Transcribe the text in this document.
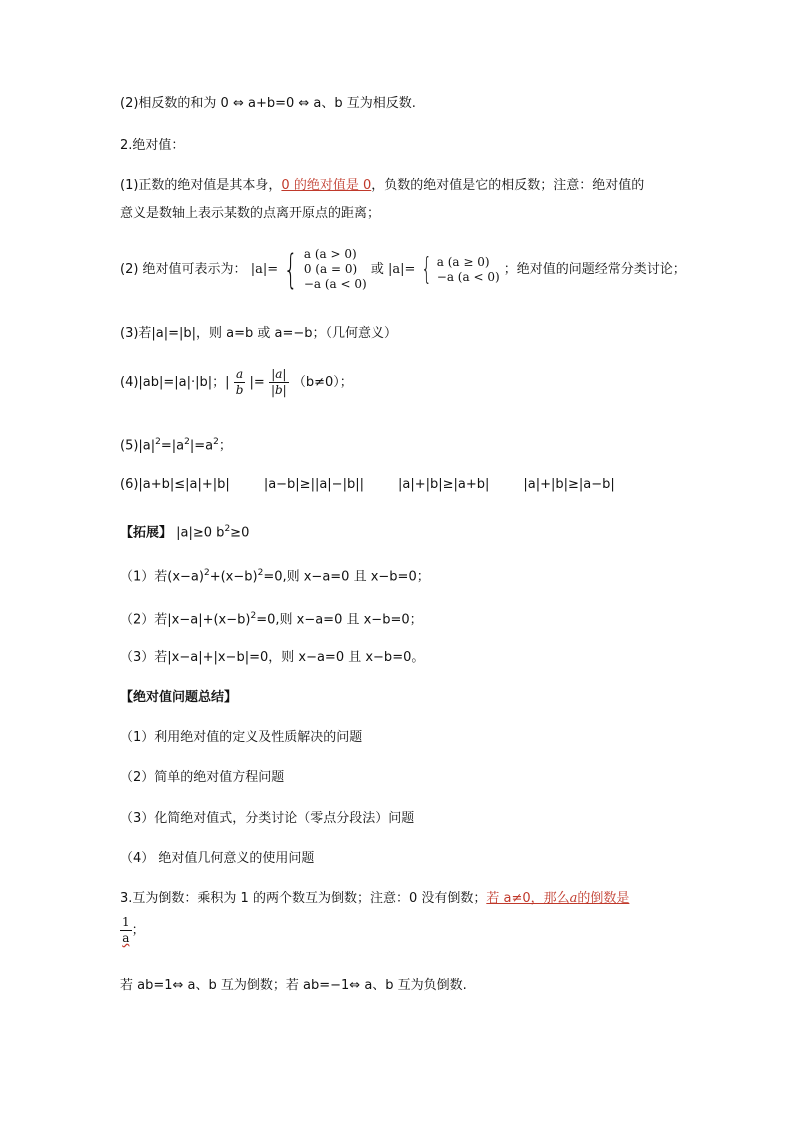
(2)相反数的和为 0 ⇔ a+b=0 ⇔ a、b 互为相反数.
2.绝对值：
(1)正数的绝对值是其本身，0 的绝对值是 0，负数的绝对值是它的相反数；注意：绝对值的
意义是数轴上表示某数的点离开原点的距离；
(2) 绝对值可表示为： |a|= { a (a > 0)
0 (a = 0)
−a (a < 0)
或 |a|= { a (a ≥ 0)
−a (a < 0) ；绝对值的问题经常分类讨论；
(3)若|a|=|b|，则 a=b 或 a=−b；（几何意义）
(4)|ab|=|a|·|b|；| $\frac{a}{b}$ |= $\frac{|a|}{|b|} (b\ne 0)$；
$(5)|a|^2=|a^2|=a^2$；
(6)|a+b|≤|a|+|b|	|a−b|≥||a|−|b||	|a|+|b|≥|a+b|	|a|+|b|≥|a−b|
【拓展】 |a|≥0 $b^2\ge 0$
（1）若$(x-a)^2+(x-b)^2=0$,则 x−a=0 且 x−b=0；
（2）若$|x-a|+(x-b)^2=0$,则 x−a=0 且 x−b=0；
（3）若|x−a|+|x−b|=0，则 x−a=0 且 x−b=0。
【绝对值问题总结】
（1）利用绝对值的定义及性质解决的问题
（2）简单的绝对值方程问题
（3）化简绝对值式，分类讨论（零点分段法）问题
（4） 绝对值几何意义的使用问题
3.互为倒数：乘积为 1 的两个数互为倒数；注意：0 没有倒数；若 a≠0，那么a的倒数是
$\frac{1}{a}$ ；
若 ab=1⇔ a、b 互为倒数；若 ab=−1⇔ a、b 互为负倒数.
